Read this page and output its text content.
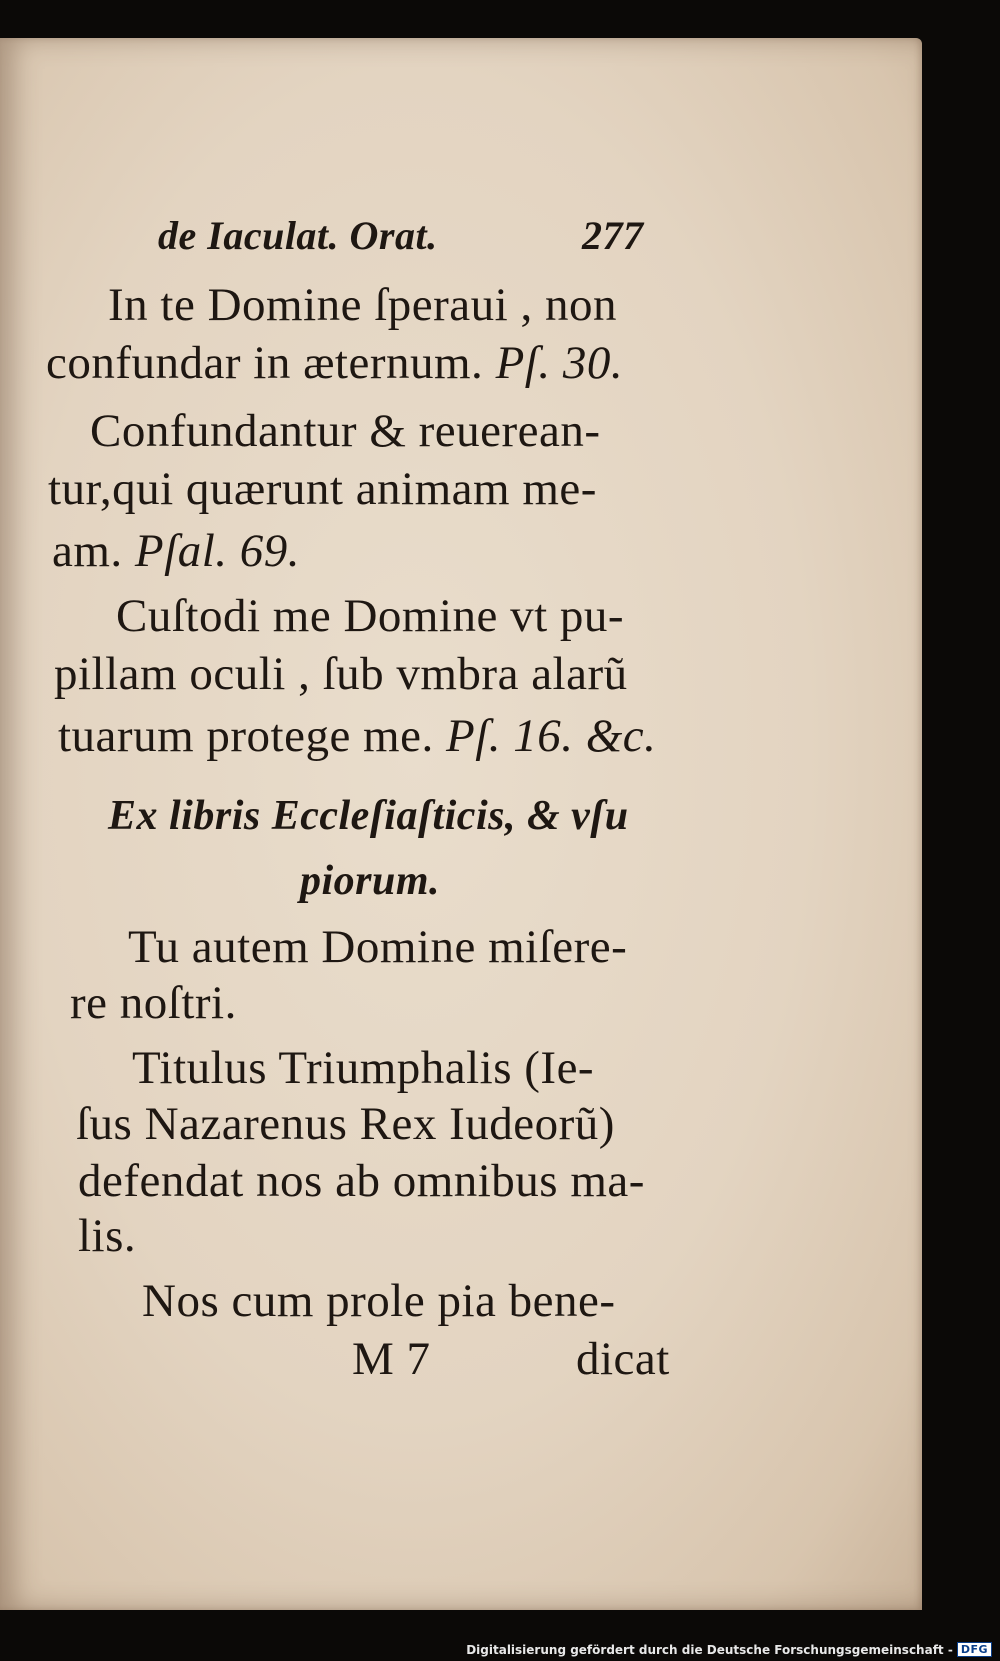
de Iaculat. Orat.	277
In te Domine ſperaui , non
confundar in æternum. Pſ. 30.
Confundantur & reuerean-
tur,qui quærunt animam me-
am. Pſal. 69.
Cuſtodi me Domine vt pu-
pillam oculi , ſub vmbra alarũ
tuarum protege me. Pſ. 16. &c.
Ex libris Eccleſiaſticis, & vſu
piorum.
Tu autem Domine miſere-
re noſtri.
Titulus Triumphalis (Ie-
ſus Nazarenus Rex Iudeorũ)
defendat nos ab omnibus ma-
lis.
Nos cum prole pia bene-
M 7	dicat
Digitalisierung gefördert durch die Deutsche Forschungsgemeinschaft - DFG
